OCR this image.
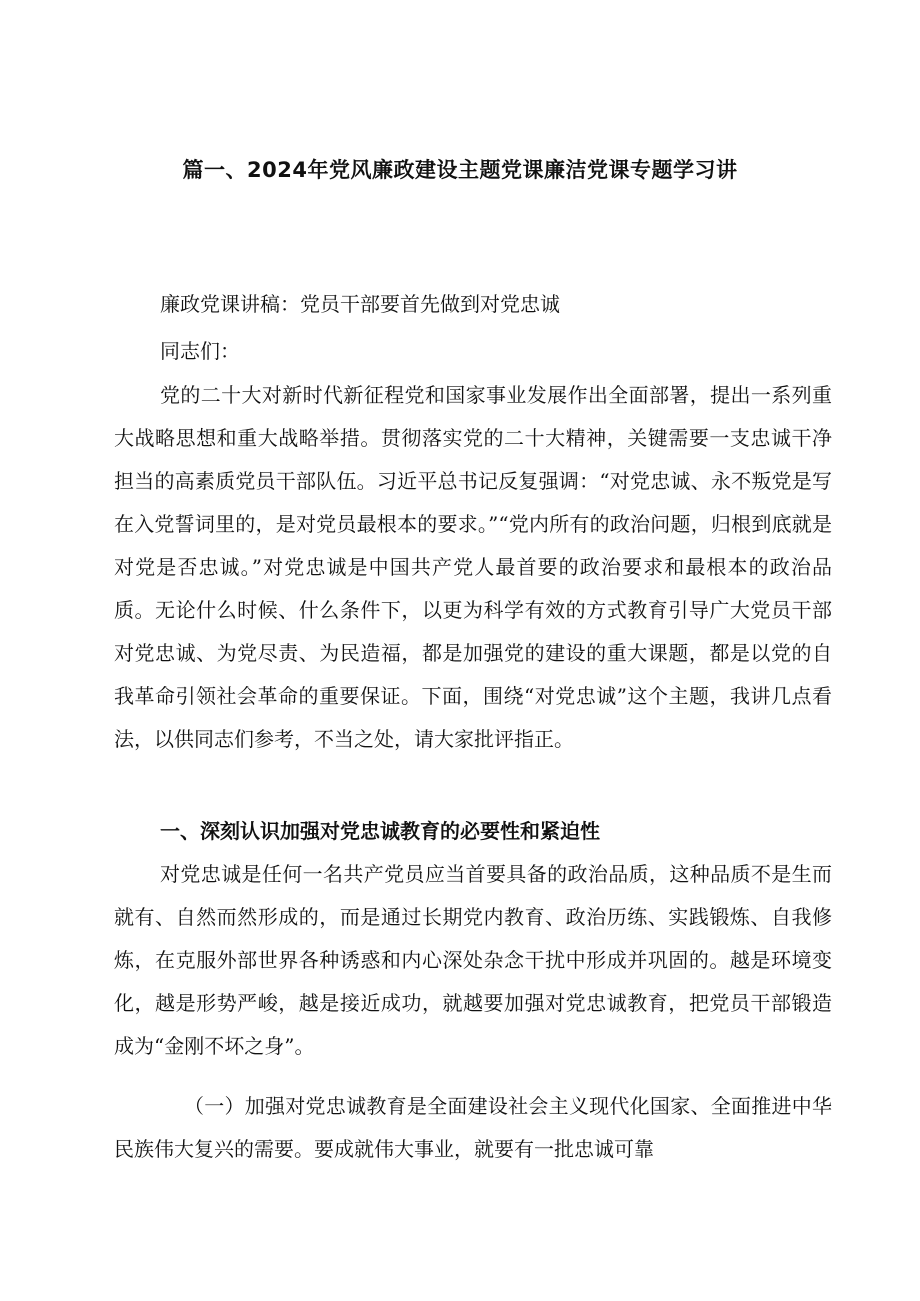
篇一、2024年党风廉政建设主题党课廉洁党课专题学习讲

廉政党课讲稿：党员干部要首先做到对党忠诚

同志们：

党的二十大对新时代新征程党和国家事业发展作出全面部署，提出一系列重大战略思想和重大战略举措。贯彻落实党的二十大精神，关键需要一支忠诚干净担当的高素质党员干部队伍。习近平总书记反复强调：“对党忠诚、永不叛党是写在入党誓词里的，是对党员最根本的要求。”“党内所有的政治问题，归根到底就是对党是否忠诚。”对党忠诚是中国共产党人最首要的政治要求和最根本的政治品质。无论什么时候、什么条件下，以更为科学有效的方式教育引导广大党员干部对党忠诚、为党尽责、为民造福，都是加强党的建设的重大课题，都是以党的自我革命引领社会革命的重要保证。下面，围绕“对党忠诚”这个主题，我讲几点看法，以供同志们参考，不当之处，请大家批评指正。

一、深刻认识加强对党忠诚教育的必要性和紧迫性

对党忠诚是任何一名共产党员应当首要具备的政治品质，这种品质不是生而就有、自然而然形成的，而是通过长期党内教育、政治历练、实践锻炼、自我修炼，在克服外部世界各种诱惑和内心深处杂念干扰中形成并巩固的。越是环境变化，越是形势严峻，越是接近成功，就越要加强对党忠诚教育，把党员干部锻造成为“金刚不坏之身”。

（一）加强对党忠诚教育是全面建设社会主义现代化国家、全面推进中华民族伟大复兴的需要。要成就伟大事业，就要有一批忠诚可靠
